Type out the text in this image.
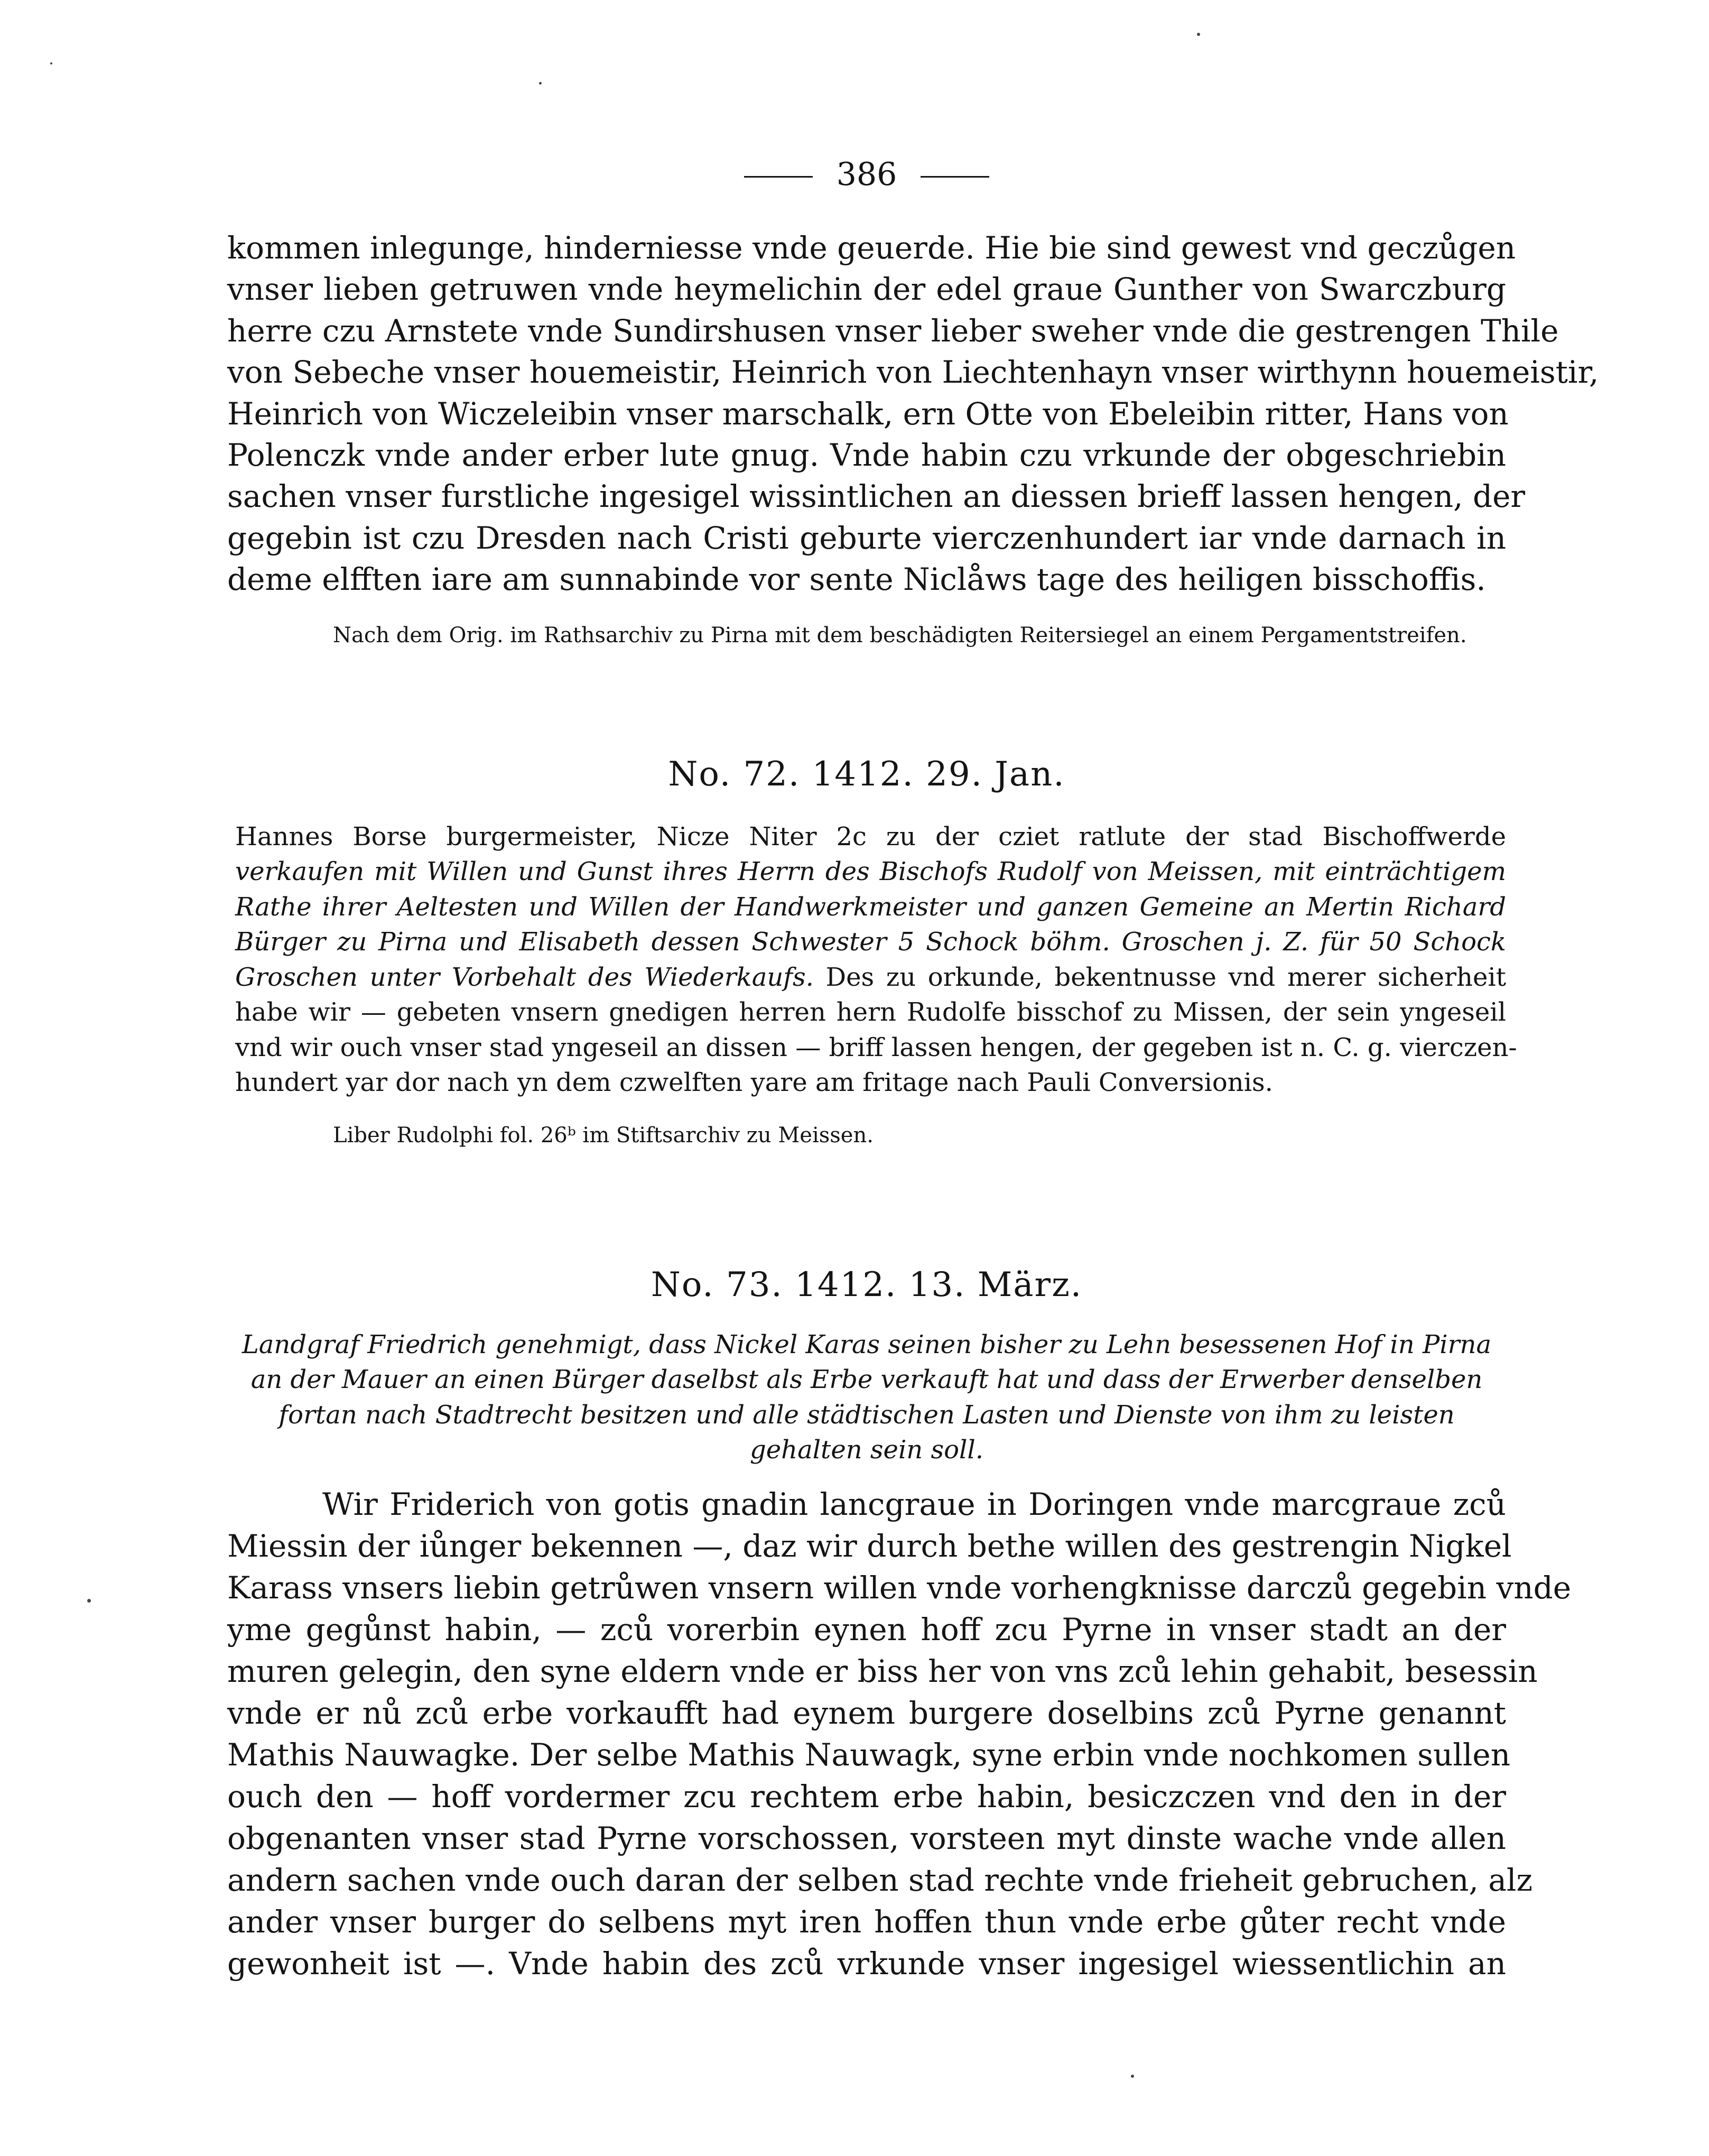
386
kommen inlegunge, hinderniesse vnde geuerde. Hie bie sind gewest vnd geczůgen
vnser lieben getruwen vnde heymelichin der edel graue Gunther von Swarczburg
herre czu Arnstete vnde Sundirshusen vnser lieber sweher vnde die gestrengen Thile
von Sebeche vnser houemeistir, Heinrich von Liechtenhayn vnser wirthynn houemeistir,
Heinrich von Wiczeleibin vnser marschalk, ern Otte von Ebeleibin ritter, Hans von
Polenczk vnde ander erber lute gnug. Vnde habin czu vrkunde der obgeschriebin
sachen vnser furstliche ingesigel wissintlichen an diessen brieff lassen hengen, der
gegebin ist czu Dresden nach Cristi geburte vierczenhundert iar vnde darnach in
deme elfften iare am sunnabinde vor sente Niclåws tage des heiligen bisschoffis.
Nach dem Orig. im Rathsarchiv zu Pirna mit dem beschädigten Reitersiegel an einem Pergamentstreifen.
No. 72. 1412. 29. Jan.
Hannes Borse burgermeister, Nicze Niter 2c zu der cziet ratlute der stad Bischoffwerde
verkaufen mit Willen und Gunst ihres Herrn des Bischofs Rudolf von Meissen, mit einträchtigem
Rathe ihrer Aeltesten und Willen der Handwerkmeister und ganzen Gemeine an Mertin Richard
Bürger zu Pirna und Elisabeth dessen Schwester 5 Schock böhm. Groschen j. Z. für 50 Schock
Groschen unter Vorbehalt des Wiederkaufs. Des zu orkunde, bekentnusse vnd merer sicherheit
habe wir — gebeten vnsern gnedigen herren hern Rudolfe bisschof zu Missen, der sein yngeseil
vnd wir ouch vnser stad yngeseil an dissen — briff lassen hengen, der gegeben ist n. C. g. vierczen-
hundert yar dor nach yn dem czwelften yare am fritage nach Pauli Conversionis.
Liber Rudolphi fol. 26ᵇ im Stiftsarchiv zu Meissen.
No. 73. 1412. 13. März.
Landgraf Friedrich genehmigt, dass Nickel Karas seinen bisher zu Lehn besessenen Hof in Pirna
an der Mauer an einen Bürger daselbst als Erbe verkauft hat und dass der Erwerber denselben
fortan nach Stadtrecht besitzen und alle städtischen Lasten und Dienste von ihm zu leisten
gehalten sein soll.
Wir Friderich von gotis gnadin lancgraue in Doringen vnde marcgraue zců
Miessin der iůnger bekennen —, daz wir durch bethe willen des gestrengin Nigkel
Karass vnsers liebin getrůwen vnsern willen vnde vorhengknisse darczů gegebin vnde
yme gegůnst habin, — zců vorerbin eynen hoff zcu Pyrne in vnser stadt an der
muren gelegin, den syne eldern vnde er biss her von vns zců lehin gehabit, besessin
vnde er nů zců erbe vorkaufft had eynem burgere doselbins zců Pyrne genannt
Mathis Nauwagke. Der selbe Mathis Nauwagk, syne erbin vnde nochkomen sullen
ouch den — hoff vordermer zcu rechtem erbe habin, besiczczen vnd den in der
obgenanten vnser stad Pyrne vorschossen, vorsteen myt dinste wache vnde allen
andern sachen vnde ouch daran der selben stad rechte vnde frieheit gebruchen, alz
ander vnser burger do selbens myt iren hoffen thun vnde erbe gůter recht vnde
gewonheit ist —. Vnde habin des zců vrkunde vnser ingesigel wiessentlichin an
